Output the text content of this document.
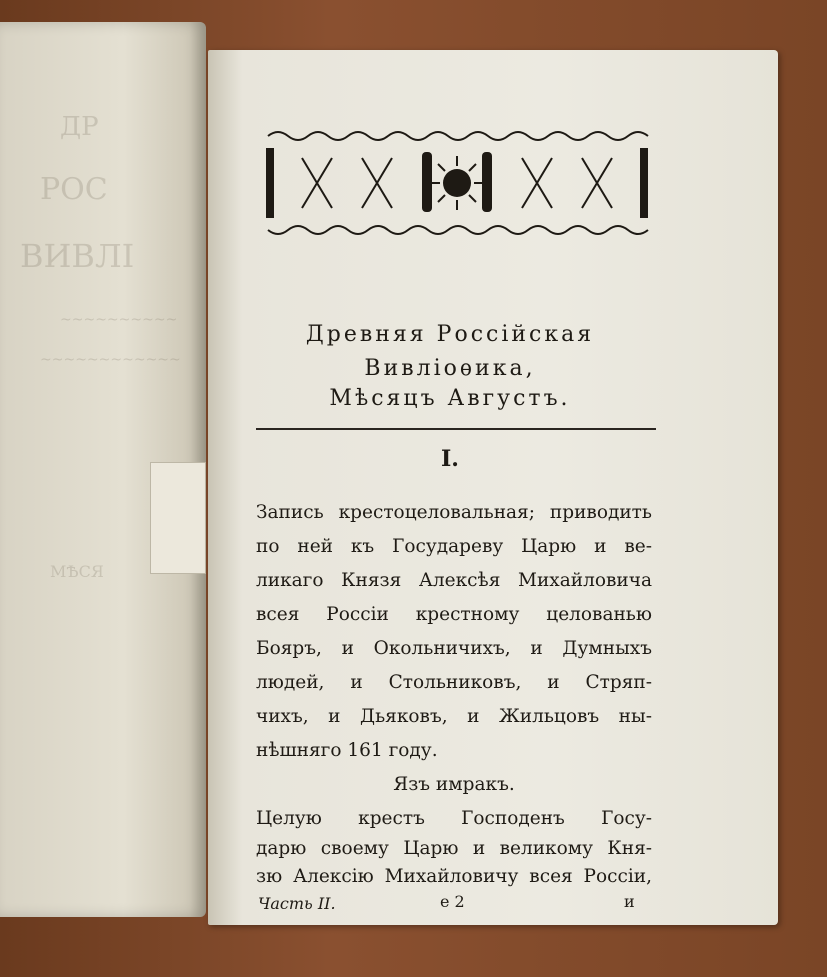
ДР
РОС
ВИВЛІ
~~~~~~~~~~
~~~~~~~~~~~~
МѢСЯ
Древняя Россійская
Вивліоѳика,
Мѣсяцъ Августъ.
I.
Запись крестоцеловальная; приводить
по ней къ Государеву Царю и ве-
ликаго Князя Алексѣя Михайловича
всея Россіи крестному целованью
Бояръ, и Окольничихъ, и Думныхъ
людей, и Стольниковъ, и Стряп-
чихъ, и Дьяковъ, и Жильцовъ ны-
нѣшняго 161 году.
Язъ имракъ.
Целую крестъ Господенъ Госу-
дарю своему Царю и великому Кня-
зю Алексію Михайловичу всея Россіи,
Часть II.	е 2	и
